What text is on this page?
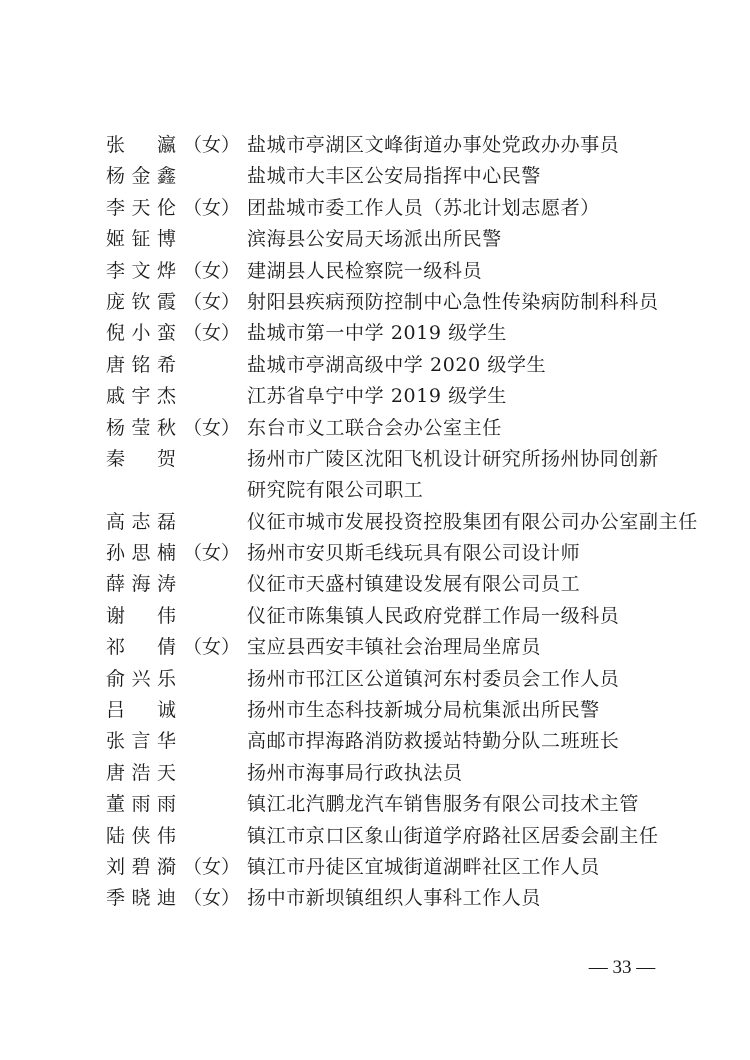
张　瀛 （女） 盐城市亭湖区文峰街道办事处党政办办事员
杨金鑫	盐城市大丰区公安局指挥中心民警
李天伦 （女） 团盐城市委工作人员（苏北计划志愿者）
姬钲博	滨海县公安局天场派出所民警
李文烨 （女） 建湖县人民检察院一级科员
庞钦霞 （女） 射阳县疾病预防控制中心急性传染病防制科科员
倪小蛮 （女） 盐城市第一中学 2019 级学生
唐铭希	盐城市亭湖高级中学 2020 级学生
戚宇杰	江苏省阜宁中学 2019 级学生
杨莹秋 （女） 东台市义工联合会办公室主任
秦　贺	扬州市广陵区沈阳飞机设计研究所扬州协同创新
研究院有限公司职工
高志磊	仪征市城市发展投资控股集团有限公司办公室副主任
孙思楠 （女） 扬州市安贝斯毛线玩具有限公司设计师
薛海涛	仪征市天盛村镇建设发展有限公司员工
谢　伟	仪征市陈集镇人民政府党群工作局一级科员
祁　倩 （女） 宝应县西安丰镇社会治理局坐席员
俞兴乐	扬州市邗江区公道镇河东村委员会工作人员
吕　诚	扬州市生态科技新城分局杭集派出所民警
张言华	高邮市捍海路消防救援站特勤分队二班班长
唐浩天	扬州市海事局行政执法员
董雨雨	镇江北汽鹏龙汽车销售服务有限公司技术主管
陆侠伟	镇江市京口区象山街道学府路社区居委会副主任
刘碧漪 （女） 镇江市丹徒区宜城街道湖畔社区工作人员
季晓迪 （女） 扬中市新坝镇组织人事科工作人员
— 33 —
